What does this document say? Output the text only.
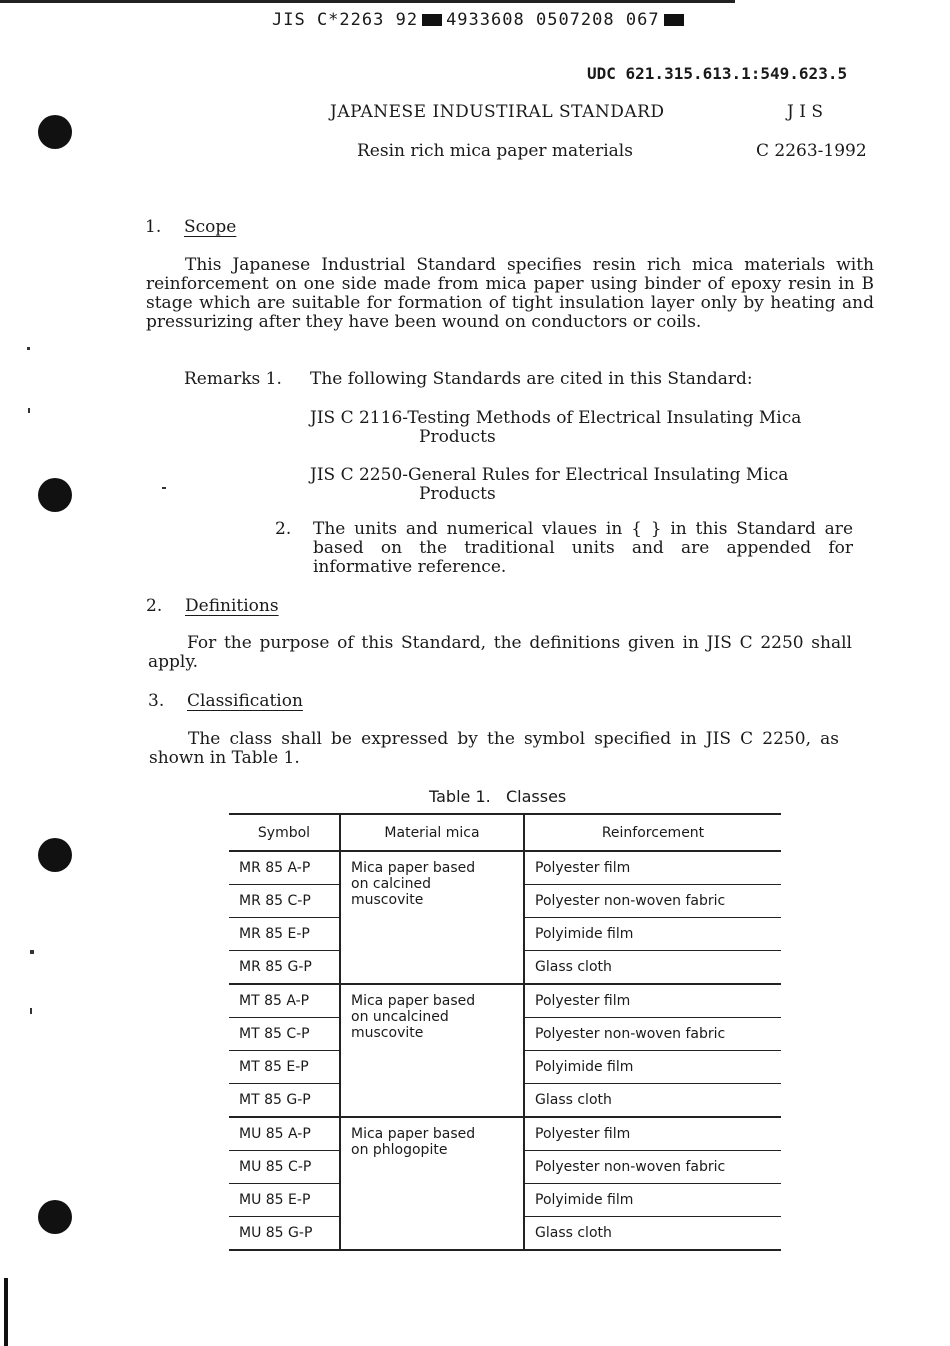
JIS C*2263 92 4933608 0507208 067
UDC 621.315.613.1:549.623.5
JAPANESE INDUSTIRAL STANDARD	J I S
Resin rich mica paper materials	C 2263-1992
1. Scope
This Japanese Industrial Standard specifies resin rich mica materials with reinforcement on one side made from mica paper using binder of epoxy resin in B stage which are suitable for formation of tight insulation layer only by heating and pressurizing after they have been wound on conductors or coils.
Remarks 1. The following Standards are cited in this Standard:
JIS C 2116-Testing Methods of Electrical Insulating Mica
Products
JIS C 2250-General Rules for Electrical Insulating Mica
Products
2. The units and numerical vlaues in { } in this Standard are based on the traditional units and are appended for informative reference.
2. Definitions
For the purpose of this Standard, the definitions given in JIS C 2250 shall apply.
3. Classification
The class shall be expressed by the symbol specified in JIS C 2250, as shown in Table 1.
Table 1.   Classes
Symbol	Material mica	Reinforcement
MR 85 A-P	Mica paper based
on calcined
muscovite	Polyester film
MR 85 C-P		Polyester non-woven fabric
MR 85 E-P		Polyimide film
MR 85 G-P		Glass cloth
MT 85 A-P	Mica paper based
on uncalcined
muscovite	Polyester film
MT 85 C-P		Polyester non-woven fabric
MT 85 E-P		Polyimide film
MT 85 G-P		Glass cloth
MU 85 A-P	Mica paper based
on phlogopite	Polyester film
MU 85 C-P		Polyester non-woven fabric
MU 85 E-P		Polyimide film
MU 85 G-P		Glass cloth
